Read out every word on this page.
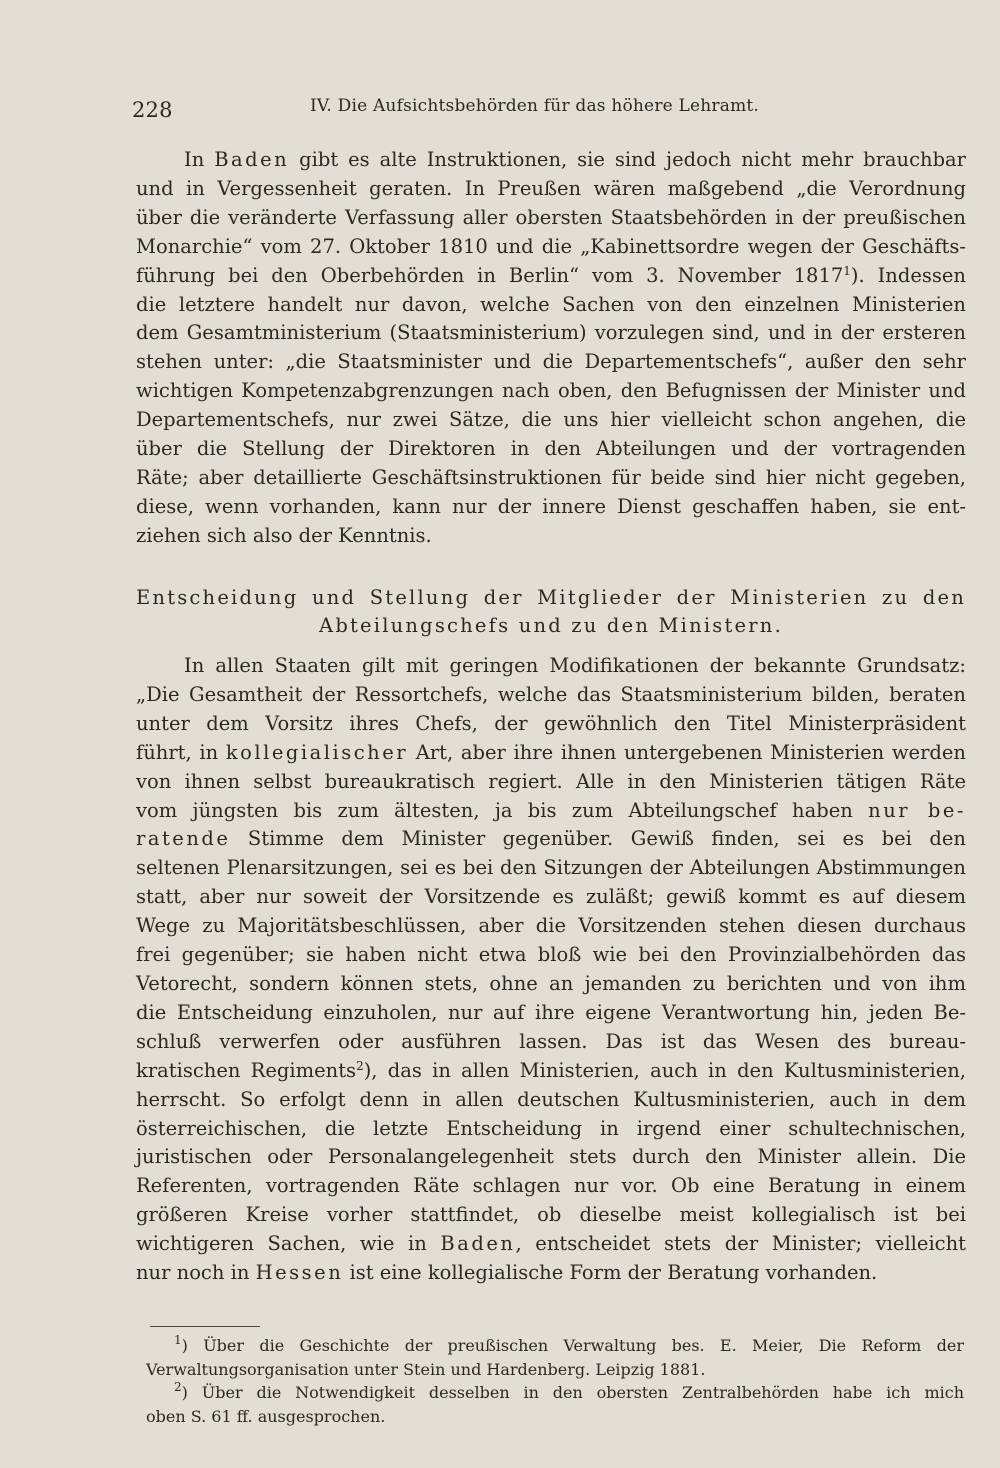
228	IV. Die Aufsichtsbehörden für das höhere Lehramt.
In Baden gibt es alte Instruktionen, sie sind jedoch nicht mehr brauchbar
und in Vergessenheit geraten. In Preußen wären maßgebend „die Verordnung
über die veränderte Verfassung aller obersten Staatsbehörden in der preußischen
Monarchie“ vom 27. Oktober 1810 und die „Kabinettsordre wegen der Geschäfts-
führung bei den Oberbehörden in Berlin“ vom 3. November 1817$^1$). Indessen
die letztere handelt nur davon, welche Sachen von den einzelnen Ministerien
dem Gesamtministerium (Staatsministerium) vorzulegen sind, und in der ersteren
stehen unter: „die Staatsminister und die Departementschefs“, außer den sehr
wichtigen Kompetenzabgrenzungen nach oben, den Befugnissen der Minister und
Departementschefs, nur zwei Sätze, die uns hier vielleicht schon angehen, die
über die Stellung der Direktoren in den Abteilungen und der vortragenden
Räte; aber detaillierte Geschäftsinstruktionen für beide sind hier nicht gegeben,
diese, wenn vorhanden, kann nur der innere Dienst geschaffen haben, sie ent-
ziehen sich also der Kenntnis.
Entscheidung und Stellung der Mitglieder der Ministerien zu den
Abteilungschefs und zu den Ministern.
In allen Staaten gilt mit geringen Modifikationen der bekannte Grundsatz:
„Die Gesamtheit der Ressortchefs, welche das Staatsministerium bilden, beraten
unter dem Vorsitz ihres Chefs, der gewöhnlich den Titel Ministerpräsident
führt, in kollegialischer Art, aber ihre ihnen untergebenen Ministerien werden
von ihnen selbst bureaukratisch regiert. Alle in den Ministerien tätigen Räte
vom jüngsten bis zum ältesten, ja bis zum Abteilungschef haben nur be-
ratende Stimme dem Minister gegenüber. Gewiß finden, sei es bei den
seltenen Plenarsitzungen, sei es bei den Sitzungen der Abteilungen Abstimmungen
statt, aber nur soweit der Vorsitzende es zuläßt; gewiß kommt es auf diesem
Wege zu Majoritätsbeschlüssen, aber die Vorsitzenden stehen diesen durchaus
frei gegenüber; sie haben nicht etwa bloß wie bei den Provinzialbehörden das
Vetorecht, sondern können stets, ohne an jemanden zu berichten und von ihm
die Entscheidung einzuholen, nur auf ihre eigene Verantwortung hin, jeden Be-
schluß verwerfen oder ausführen lassen. Das ist das Wesen des bureau-
kratischen Regiments$^2$), das in allen Ministerien, auch in den Kultusministerien,
herrscht. So erfolgt denn in allen deutschen Kultusministerien, auch in dem
österreichischen, die letzte Entscheidung in irgend einer schultechnischen,
juristischen oder Personalangelegenheit stets durch den Minister allein. Die
Referenten, vortragenden Räte schlagen nur vor. Ob eine Beratung in einem
größeren Kreise vorher stattfindet, ob dieselbe meist kollegialisch ist bei
wichtigeren Sachen, wie in Baden, entscheidet stets der Minister; vielleicht
nur noch in Hessen ist eine kollegialische Form der Beratung vorhanden.
$^1$) Über die Geschichte der preußischen Verwaltung bes. E. Meier, Die Reform der
Verwaltungsorganisation unter Stein und Hardenberg. Leipzig 1881.
$^2$) Über die Notwendigkeit desselben in den obersten Zentralbehörden habe ich mich
oben S. 61 ff. ausgesprochen.
